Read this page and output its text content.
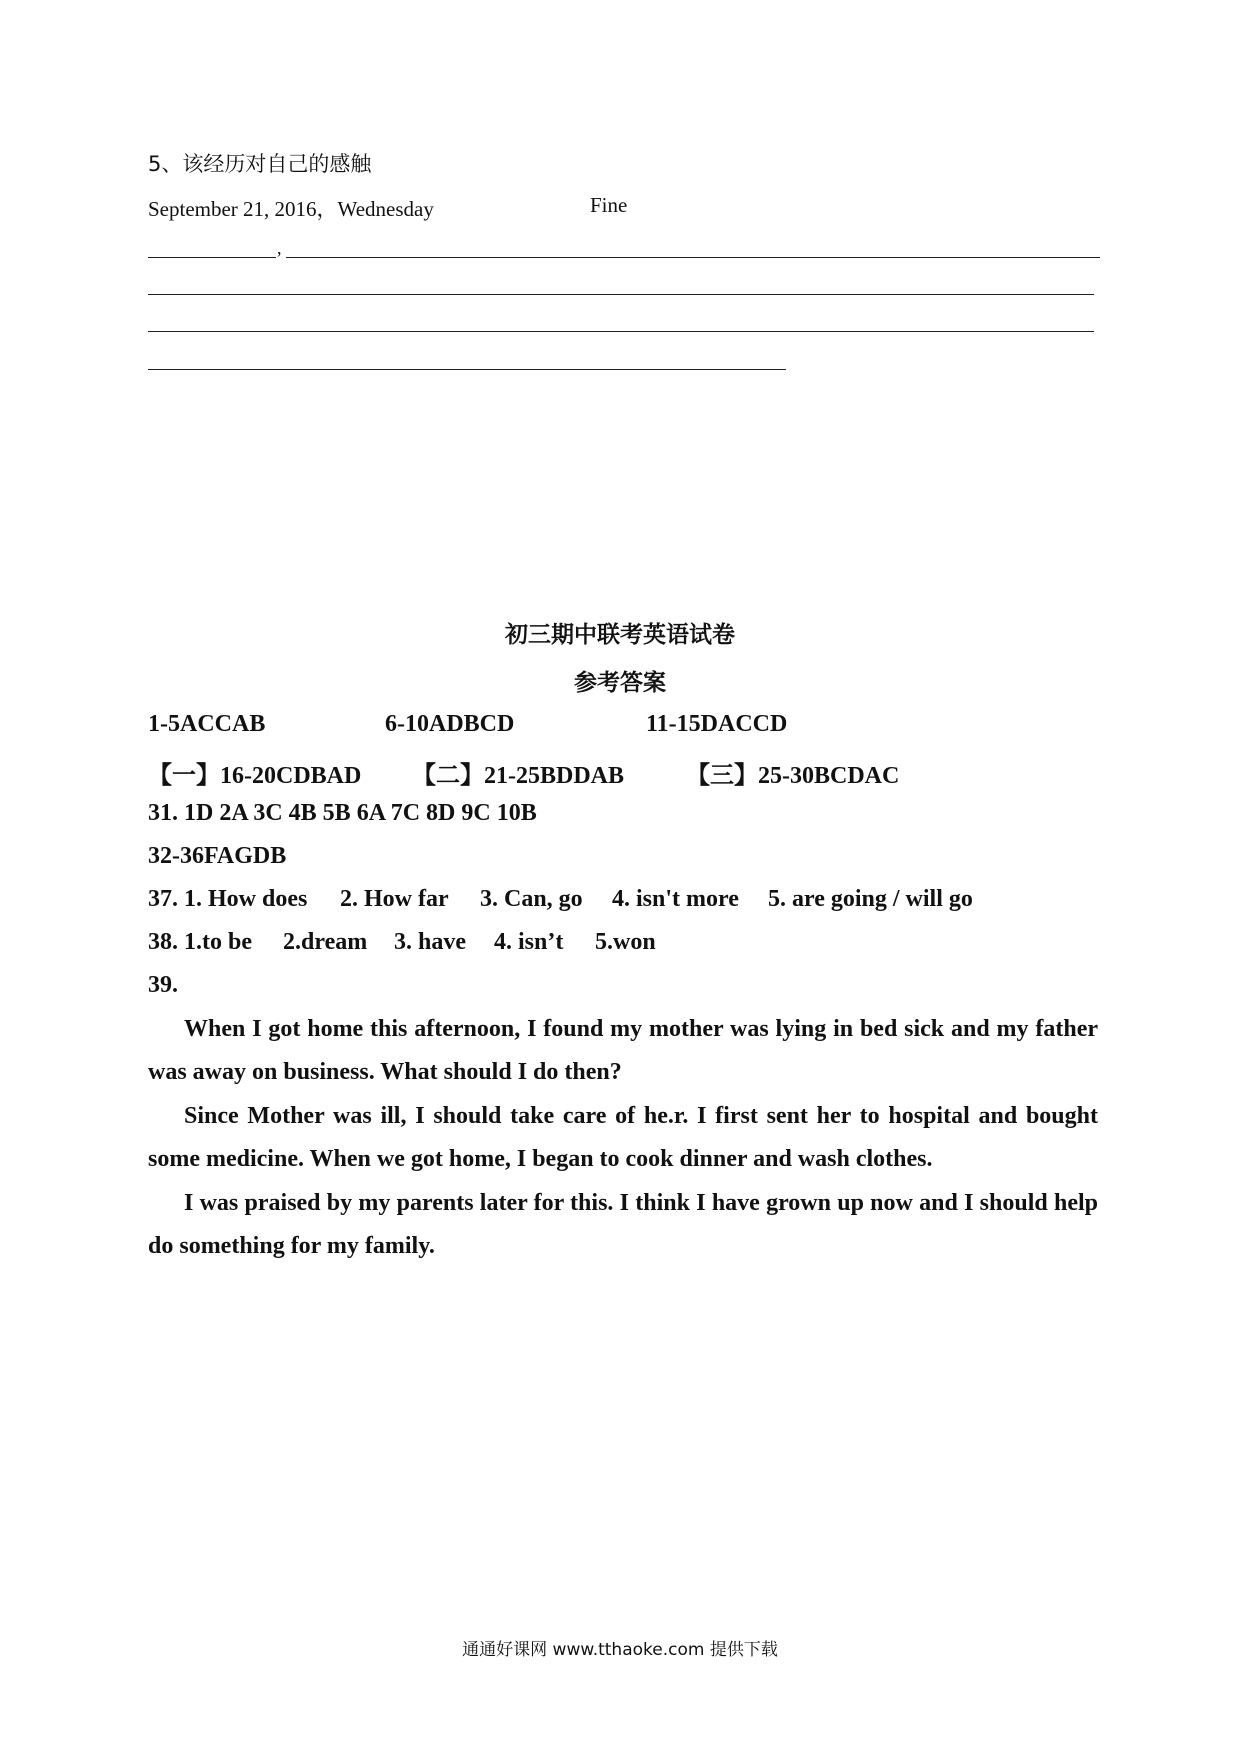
5、该经历对自己的感触
September 21, 2016，Wednesday	Fine
,
初三期中联考英语试卷
参考答案
1-5ACCAB	6-10ADBCD	11-15DACCD
【一】16-20CDBAD 【二】21-25BDDAB	【三】25-30BCDAC
31. 1D 2A 3C 4B 5B 6A 7C 8D 9C 10B
32-36FAGDB
37. 1. How does 2. How far 3. Can, go 4. isn't more 5. are going / will go
38. 1.to be 2.dream 3. have 4. isn’t 5.won
39.

When I got home this afternoon, I found my mother was lying in bed sick and my father was away on business. What should I do then?

Since Mother was ill, I should take care of he.r. I first sent her to hospital and bought some medicine. When we got home, I began to cook dinner and wash clothes.

I was praised by my parents later for this. I think I have grown up now and I should help do something for my family.

通通好课网 www.tthaoke.com 提供下载
